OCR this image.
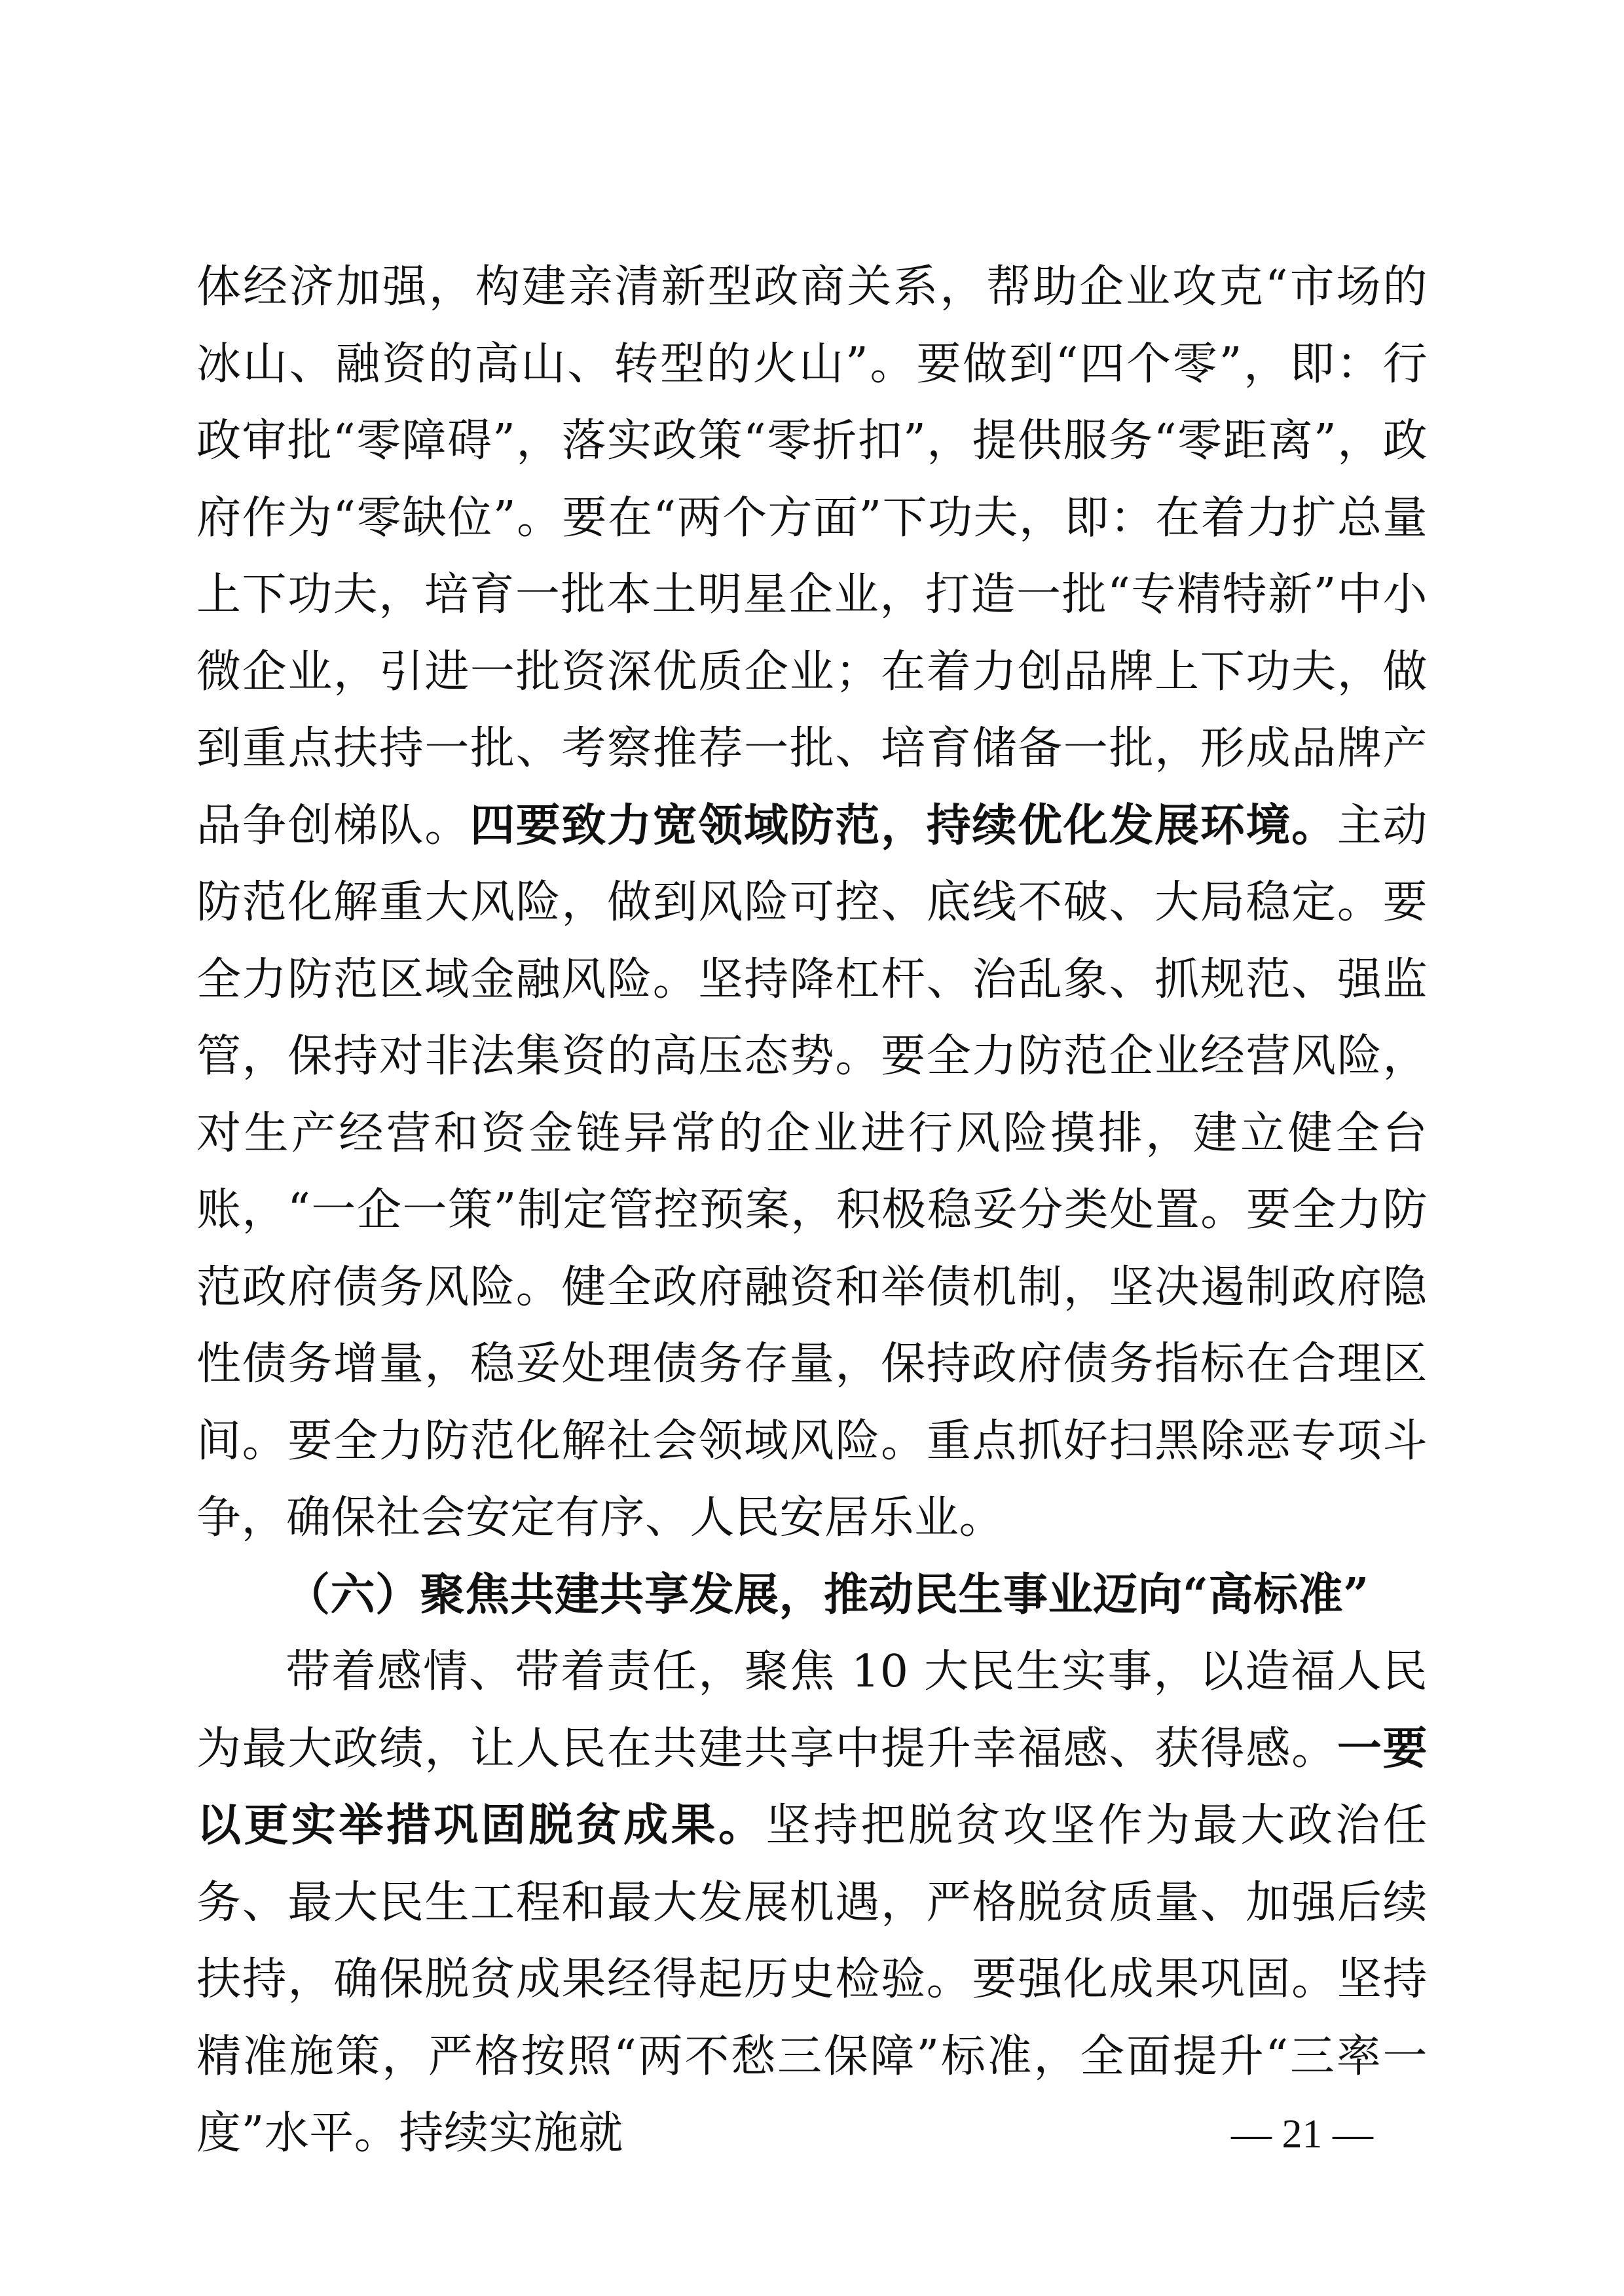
体经济加强，构建亲清新型政商关系，帮助企业攻克“市场的冰山、融资的高山、转型的火山”。要做到“四个零”，即：行政审批“零障碍”，落实政策“零折扣”，提供服务“零距离”，政府作为“零缺位”。要在“两个方面”下功夫，即：在着力扩总量上下功夫，培育一批本土明星企业，打造一批“专精特新”中小微企业，引进一批资深优质企业；在着力创品牌上下功夫，做到重点扶持一批、考察推荐一批、培育储备一批，形成品牌产品争创梯队。四要致力宽领域防范，持续优化发展环境。主动防范化解重大风险，做到风险可控、底线不破、大局稳定。要全力防范区域金融风险。坚持降杠杆、治乱象、抓规范、强监管，保持对非法集资的高压态势。要全力防范企业经营风险，对生产经营和资金链异常的企业进行风险摸排，建立健全台账，“一企一策”制定管控预案，积极稳妥分类处置。要全力防范政府债务风险。健全政府融资和举债机制，坚决遏制政府隐性债务增量，稳妥处理债务存量，保持政府债务指标在合理区间。要全力防范化解社会领域风险。重点抓好扫黑除恶专项斗争，确保社会安定有序、人民安居乐业。

（六）聚焦共建共享发展，推动民生事业迈向“高标准”

带着感情、带着责任，聚焦 10 大民生实事，以造福人民为最大政绩，让人民在共建共享中提升幸福感、获得感。一要以更实举措巩固脱贫成果。坚持把脱贫攻坚作为最大政治任务、最大民生工程和最大发展机遇，严格脱贫质量、加强后续扶持，确保脱贫成果经得起历史检验。要强化成果巩固。坚持精准施策，严格按照“两不愁三保障”标准，全面提升“三率一度”水平。持续实施就	— 21 —
